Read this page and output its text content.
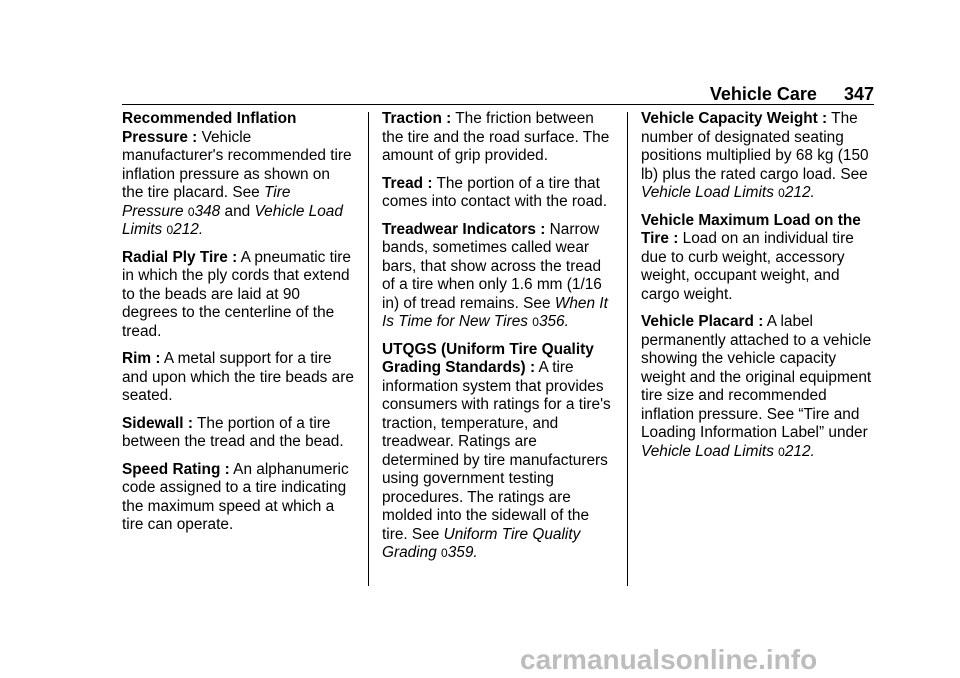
Vehicle Care 347

Recommended Inflation Pressure : Vehicle manufacturer's recommended tire inflation pressure as shown on the tire placard. See Tire Pressure 0348 and Vehicle Load Limits 0212.

Radial Ply Tire : A pneumatic tire in which the ply cords that extend to the beads are laid at 90 degrees to the centerline of the tread.

Rim : A metal support for a tire and upon which the tire beads are seated.

Sidewall : The portion of a tire between the tread and the bead.

Speed Rating : An alphanumeric code assigned to a tire indicating the maximum speed at which a tire can operate.

Traction : The friction between the tire and the road surface. The amount of grip provided.

Tread : The portion of a tire that comes into contact with the road.

Treadwear Indicators : Narrow bands, sometimes called wear bars, that show across the tread of a tire when only 1.6 mm (1/16 in) of tread remains. See When It Is Time for New Tires 0356.

UTQGS (Uniform Tire Quality Grading Standards) : A tire information system that provides consumers with ratings for a tire's traction, temperature, and treadwear. Ratings are determined by tire manufacturers using government testing procedures. The ratings are molded into the sidewall of the tire. See Uniform Tire Quality Grading 0359.

Vehicle Capacity Weight : The number of designated seating positions multiplied by 68 kg (150 lb) plus the rated cargo load. See Vehicle Load Limits 0212.

Vehicle Maximum Load on the Tire : Load on an individual tire due to curb weight, accessory weight, occupant weight, and cargo weight.

Vehicle Placard : A label permanently attached to a vehicle showing the vehicle capacity weight and the original equipment tire size and recommended inflation pressure. See “Tire and Loading Information Label” under Vehicle Load Limits 0212.

carmanualsonline.info
